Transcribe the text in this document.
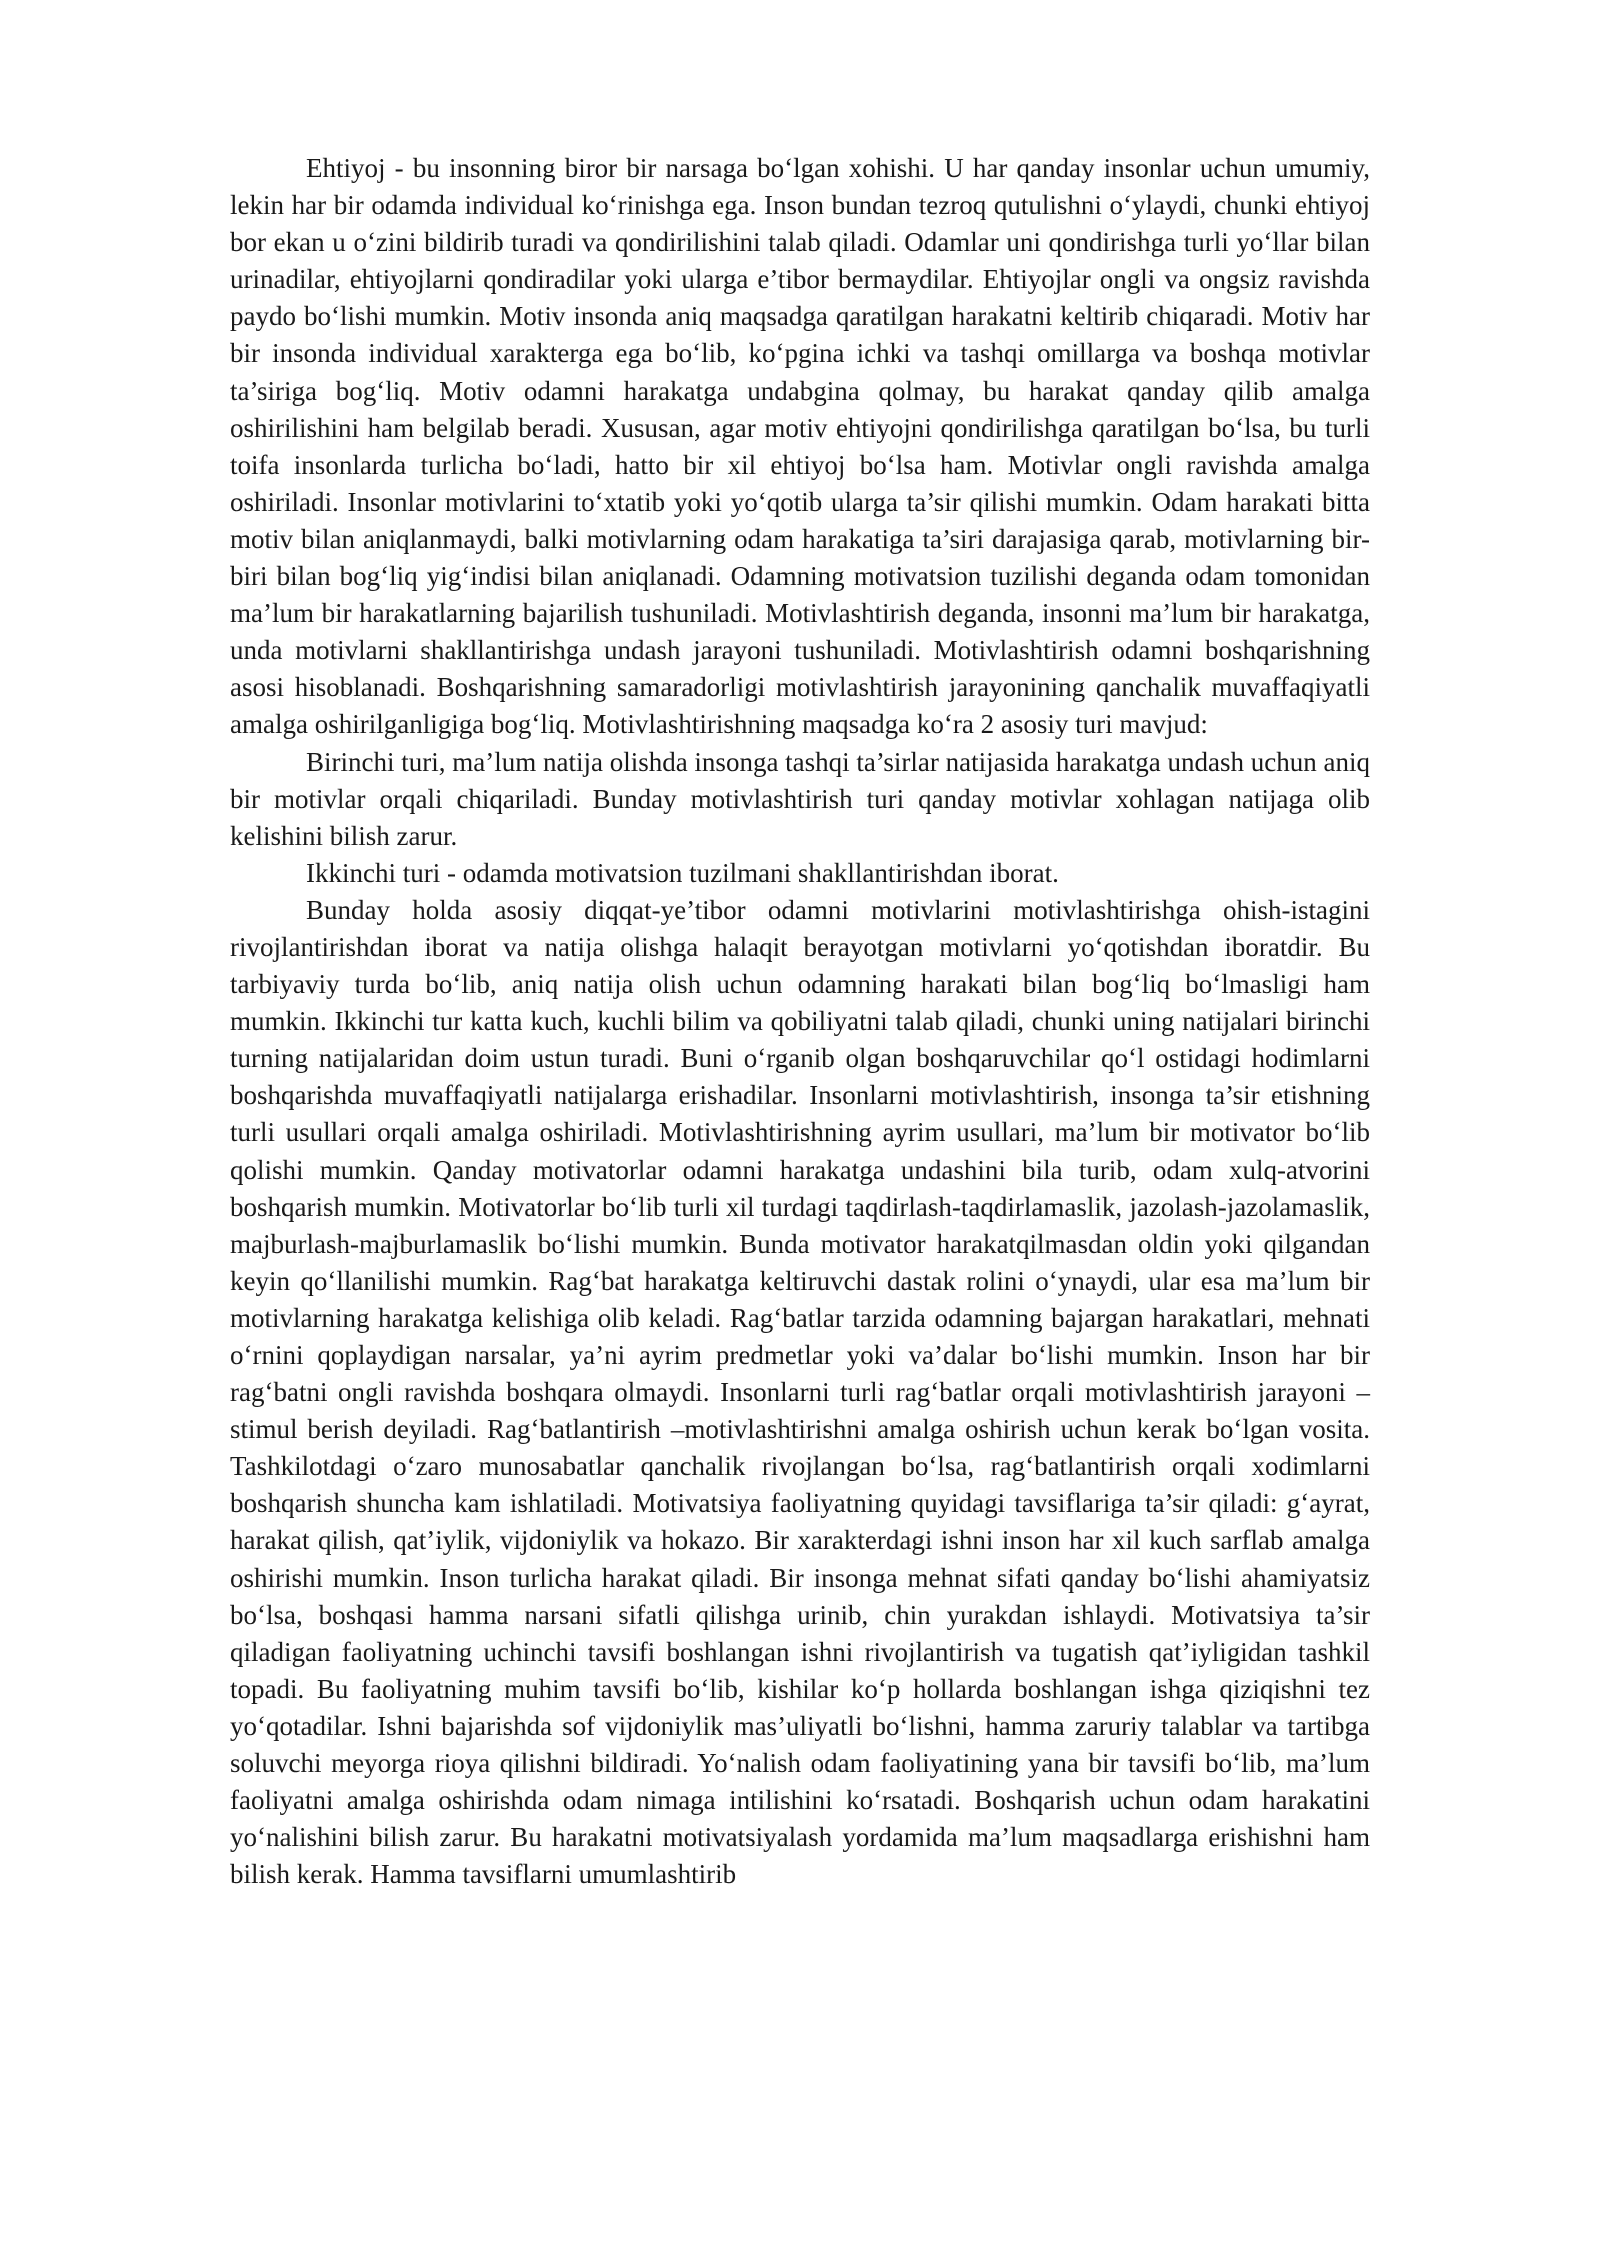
Ehtiyoj - bu insonning biror bir narsaga bo‘lgan xohishi. U har qanday insonlar uchun umumiy, lekin har bir odamda individual ko‘rinishga ega. Inson bundan tezroq qutulishni o‘ylaydi, chunki ehtiyoj bor ekan u o‘zini bildirib turadi va qondirilishini talab qiladi. Odamlar uni qondirishga turli yo‘llar bilan urinadilar, ehtiyojlarni qondiradilar yoki ularga e’tibor bermaydilar. Ehtiyojlar ongli va ongsiz ravishda paydo bo‘lishi mumkin. Motiv insonda aniq maqsadga qaratilgan harakatni keltirib chiqaradi. Motiv har bir insonda individual xarakterga ega bo‘lib, ko‘pgina ichki va tashqi omillarga va boshqa motivlar ta’siriga bog‘liq. Motiv odamni harakatga undabgina qolmay, bu harakat qanday qilib amalga oshirilishini ham belgilab beradi. Xususan, agar motiv ehtiyojni qondirilishga qaratilgan bo‘lsa, bu turli toifa insonlarda turlicha bo‘ladi, hatto bir xil ehtiyoj bo‘lsa ham. Motivlar ongli ravishda amalga oshiriladi. Insonlar motivlarini to‘xtatib yoki yo‘qotib ularga ta’sir qilishi mumkin. Odam harakati bitta motiv bilan aniqlanmaydi, balki motivlarning odam harakatiga ta’siri darajasiga qarab, motivlarning bir-biri bilan bog‘liq yig‘indisi bilan aniqlanadi. Odamning motivatsion tuzilishi deganda odam tomonidan ma’lum bir harakatlarning bajarilish tushuniladi. Motivlashtirish deganda, insonni ma’lum bir harakatga, unda motivlarni shakllantirishga undash jarayoni tushuniladi. Motivlashtirish odamni boshqarishning asosi hisoblanadi. Boshqarishning samaradorligi motivlashtirish jarayonining qanchalik muvaffaqiyatli amalga oshirilganligiga bog‘liq. Motivlashtirishning maqsadga ko‘ra 2 asosiy turi mavjud:

Birinchi turi, ma’lum natija olishda insonga tashqi ta’sirlar natijasida harakatga undash uchun aniq bir motivlar orqali chiqariladi. Bunday motivlashtirish turi qanday motivlar xohlagan natijaga olib kelishini bilish zarur.

Ikkinchi turi - odamda motivatsion tuzilmani shakllantirishdan iborat.

Bunday holda asosiy diqqat-ye’tibor odamni motivlarini motivlashtirishga ohish-istagini rivojlantirishdan iborat va natija olishga halaqit berayotgan motivlarni yo‘qotishdan iboratdir. Bu tarbiyaviy turda bo‘lib, aniq natija olish uchun odamning harakati bilan bog‘liq bo‘lmasligi ham mumkin. Ikkinchi tur katta kuch, kuchli bilim va qobiliyatni talab qiladi, chunki uning natijalari birinchi turning natijalaridan doim ustun turadi. Buni o‘rganib olgan boshqaruvchilar qo‘l ostidagi hodimlarni boshqarishda muvaffaqiyatli natijalarga erishadilar. Insonlarni motivlashtirish, insonga ta’sir etishning turli usullari orqali amalga oshiriladi. Motivlashtirishning ayrim usullari, ma’lum bir motivator bo‘lib qolishi mumkin. Qanday motivatorlar odamni harakatga undashini bila turib, odam xulq-atvorini boshqarish mumkin. Motivatorlar bo‘lib turli xil turdagi taqdirlash-taqdirlamaslik, jazolash-jazolamaslik, majburlash-majburlamaslik bo‘lishi mumkin. Bunda motivator harakatqilmasdan oldin yoki qilgandan keyin qo‘llanilishi mumkin. Rag‘bat harakatga keltiruvchi dastak rolini o‘ynaydi, ular esa ma’lum bir motivlarning harakatga kelishiga olib keladi. Rag‘batlar tarzida odamning bajargan harakatlari, mehnati o‘rnini qoplaydigan narsalar, ya’ni ayrim predmetlar yoki va’dalar bo‘lishi mumkin. Inson har bir rag‘batni ongli ravishda boshqara olmaydi. Insonlarni turli rag‘batlar orqali motivlashtirish jarayoni – stimul berish deyiladi. Rag‘batlantirish –motivlashtirishni amalga oshirish uchun kerak bo‘lgan vosita. Tashkilotdagi o‘zaro munosabatlar qanchalik rivojlangan bo‘lsa, rag‘batlantirish orqali xodimlarni boshqarish shuncha kam ishlatiladi. Motivatsiya faoliyatning quyidagi tavsiflariga ta’sir qiladi: g‘ayrat, harakat qilish, qat’iylik, vijdoniylik va hokazo. Bir xarakterdagi ishni inson har xil kuch sarflab amalga oshirishi mumkin. Inson turlicha harakat qiladi. Bir insonga mehnat sifati qanday bo‘lishi ahamiyatsiz bo‘lsa, boshqasi hamma narsani sifatli qilishga urinib, chin yurakdan ishlaydi. Motivatsiya ta’sir qiladigan faoliyatning uchinchi tavsifi boshlangan ishni rivojlantirish va tugatish qat’iyligidan tashkil topadi. Bu faoliyatning muhim tavsifi bo‘lib, kishilar ko‘p hollarda boshlangan ishga qiziqishni tez yo‘qotadilar. Ishni bajarishda sof vijdoniylik mas’uliyatli bo‘lishni, hamma zaruriy talablar va tartibga soluvchi meyorga rioya qilishni bildiradi. Yo‘nalish odam faoliyatining yana bir tavsifi bo‘lib, ma’lum faoliyatni amalga oshirishda odam nimaga intilishini ko‘rsatadi. Boshqarish uchun odam harakatini yo‘nalishini bilish zarur. Bu harakatni motivatsiyalash yordamida ma’lum maqsadlarga erishishni ham bilish kerak. Hamma tavsiflarni umumlashtirib
